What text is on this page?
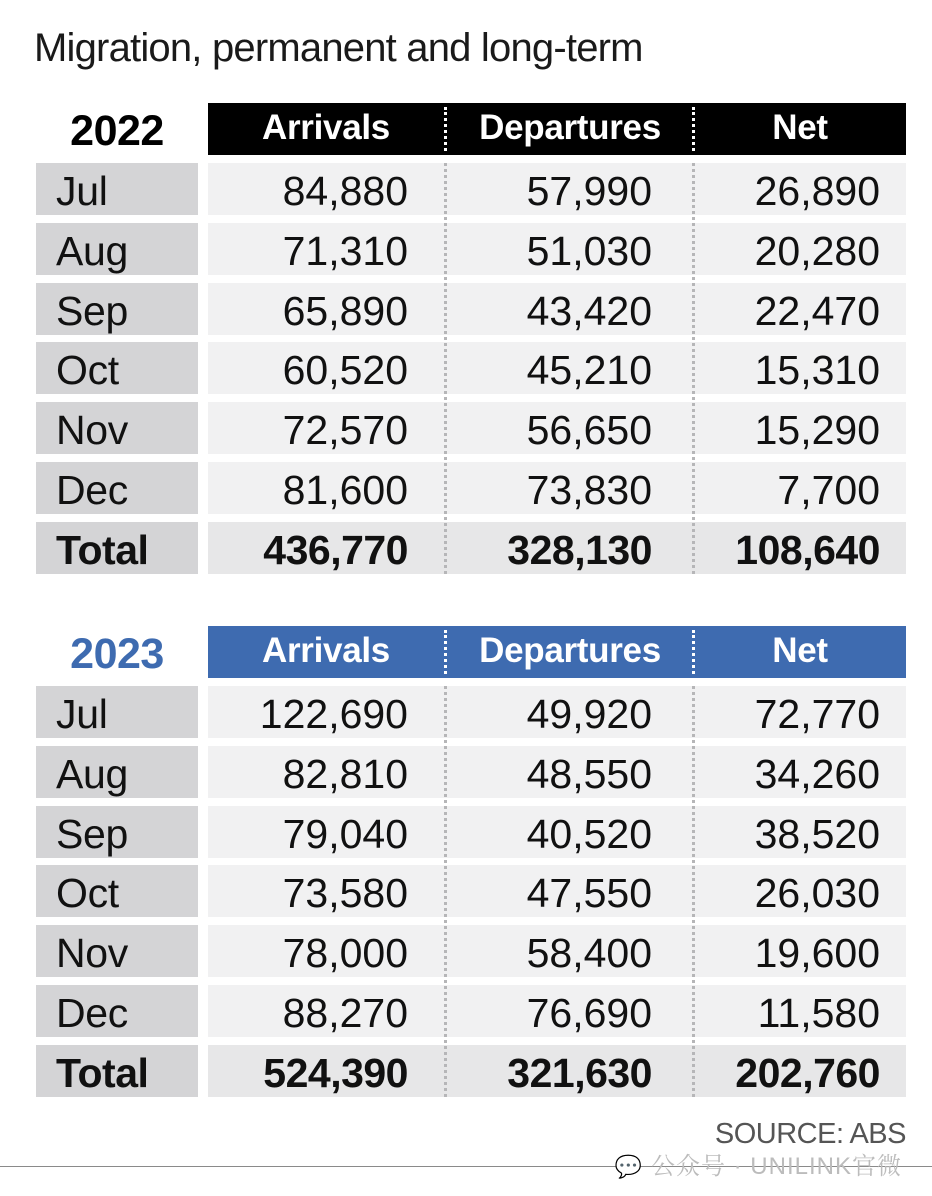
Migration, permanent and long-term
2022	Arrivals	Departures	Net
Jul	84,880	57,990	26,890
Aug	71,310	51,030	20,280
Sep	65,890	43,420	22,470
Oct	60,520	45,210	15,310
Nov	72,570	56,650	15,290
Dec	81,600	73,830	7,700
Total	436,770	328,130	108,640
2023	Arrivals	Departures	Net
Jul	122,690	49,920	72,770
Aug	82,810	48,550	34,260
Sep	79,040	40,520	38,520
Oct	73,580	47,550	26,030
Nov	78,000	58,400	19,600
Dec	88,270	76,690	11,580
Total	524,390	321,630	202,760
SOURCE: ABS
💬 公众号 · UNILINK官微
